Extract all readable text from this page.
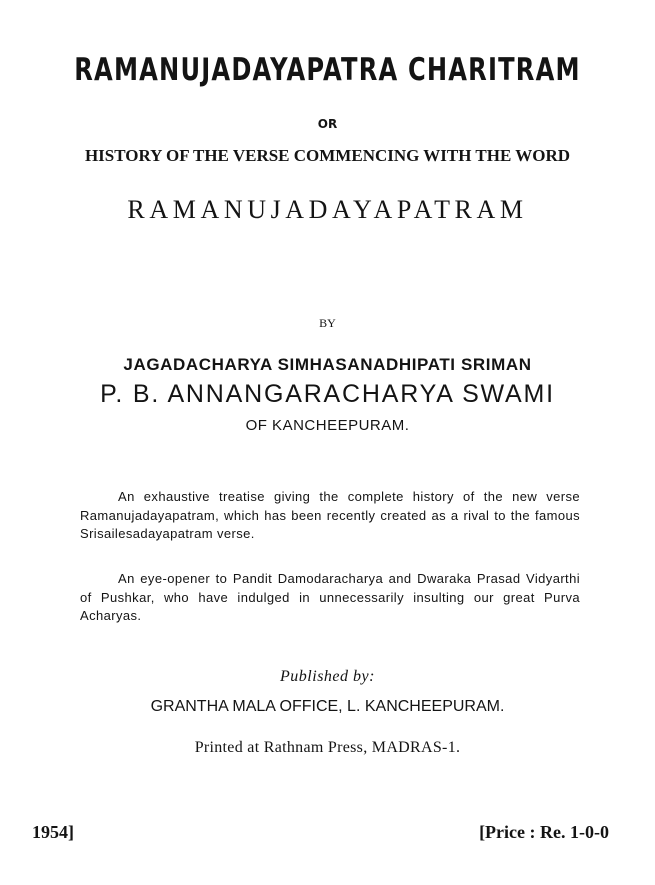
RAMANUJADAYAPATRA CHARITRAM
OR
HISTORY OF THE VERSE COMMENCING WITH THE WORD
RAMANUJADAYAPATRAM
BY
JAGADACHARYA SIMHASANADHIPATI SRIMAN
P. B. ANNANGARACHARYA SWAMI
OF KANCHEEPURAM.

An exhaustive treatise giving the complete history of the new verse Ramanujadayapatram, which has been recently created as a rival to the famous Srisailesadayapatram verse.

An eye-opener to Pandit Damodaracharya and Dwaraka Prasad Vidyarthi of Pushkar, who have indulged in unnecessarily insulting our great Purva Acharyas.

Published by:
GRANTHA MALA OFFICE, L. KANCHEEPURAM.
Printed at Rathnam Press, MADRAS-1.
1954]	[Price : Re. 1-0-0
